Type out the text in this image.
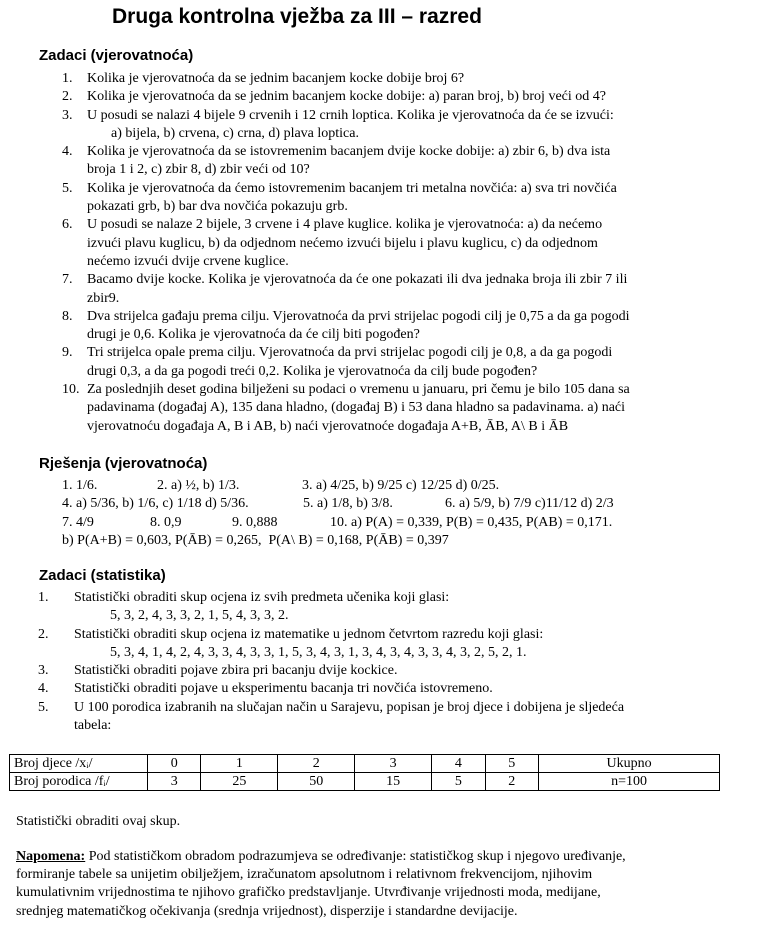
Druga kontrolna vježba za III – razred
Zadaci (vjerovatnoća)
1.	Kolika je vjerovatnoća da se jednim bacanjem kocke dobije broj 6?
2.	Kolika je vjerovatnoća da se jednim bacanjem kocke dobije: a) paran broj, b) broj veći od 4?
3.	U posudi se nalazi 4 bijele 9 crvenih i 12 crnih loptica. Kolika je vjerovatnoća da će se izvući:
a) bijela, b) crvena, c) crna, d) plava loptica.
4.	Kolika je vjerovatnoća da se istovremenim bacanjem dvije kocke dobije: a) zbir 6, b) dva ista
broja 1 i 2, c) zbir 8, d) zbir veći od 10?
5.	Kolika je vjerovatnoća da ćemo istovremenim bacanjem tri metalna novčića: a) sva tri novčića
pokazati grb, b) bar dva novčića pokazuju grb.
6.	U posudi se nalaze 2 bijele, 3 crvene i 4 plave kuglice. kolika je vjerovatnoća: a) da nećemo
izvući plavu kuglicu, b) da odjednom nećemo izvući bijelu i plavu kuglicu, c) da odjednom
nećemo izvući dvije crvene kuglice.
7.	Bacamo dvije kocke. Kolika je vjerovatnoća da će one pokazati ili dva jednaka broja ili zbir 7 ili
zbir9.
8.	Dva strijelca gađaju prema cilju. Vjerovatnoća da prvi strijelac pogodi cilj je 0,75 a da ga pogodi
drugi je 0,6. Kolika je vjerovatnoća da će cilj biti pogođen?
9.	Tri strijelca opale prema cilju. Vjerovatnoća da prvi strijelac pogodi cilj je 0,8, a da ga pogodi
drugi 0,3, a da ga pogodi treći 0,2. Kolika je vjerovatnoća da cilj bude pogođen?
10. Za poslednjih deset godina bilježeni su podaci o vremenu u januaru, pri čemu je bilo 105 dana sa
padavinama (događaj A), 135 dana hladno, (događaj B) i 53 dana hladno sa padavinama. a) naći
vjerovatnoću događaja A, B i AB, b) naći vjerovatnoće događaja A+B, ĀB, A\ B i ĀB
Rješenja (vjerovatnoća)
1. 1/6.	2. a) ½, b) 1/3.	3. a) 4/25, b) 9/25 c) 12/25 d) 0/25.
4. a) 5/36, b) 1/6, c) 1/18 d) 5/36.	5. a) 1/8, b) 3/8.	6. a) 5/9, b) 7/9 c)11/12 d) 2/3
7. 4/9	8. 0,9	9. 0,888	10. a) P(A) = 0,339, P(B) = 0,435, P(AB) = 0,171.
b) P(A+B) = 0,603, P(ĀB) = 0,265,  P(A\ B) = 0,168, P(ĀB) = 0,397
Zadaci (statistika)
1.	Statistički obraditi skup ocjena iz svih predmeta učenika koji glasi:
5, 3, 2, 4, 3, 3, 2, 1, 5, 4, 3, 3, 2.
2.	Statistički obraditi skup ocjena iz matematike u jednom četvrtom razredu koji glasi:
5, 3, 4, 1, 4, 2, 4, 3, 3, 4, 3, 3, 1, 5, 3, 4, 3, 1, 3, 4, 3, 4, 3, 3, 4, 3, 2, 5, 2, 1.
3.	Statistički obraditi pojave zbira pri bacanju dvije kockice.
4.	Statistički obraditi pojave u eksperimentu bacanja tri novčića istovremeno.
5.	U 100 porodica izabranih na slučajan način u Sarajevu, popisan je broj djece i dobijena je sljedeća
tabela:
Broj djece /xᵢ/	0	1	2	3	4	5	Ukupno
Broj porodica /fᵢ/	3	25	50	15	5	2	n=100
Statistički obraditi ovaj skup.
Napomena: Pod statističkom obradom podrazumjeva se određivanje: statističkog skup i njegovo uređivanje,
formiranje tabele sa unijetim obilježjem, izračunatom apsolutnom i relativnom frekvencijom, njihovim
kumulativnim vrijednostima te njihovo grafičko predstavljanje. Utvrđivanje vrijednosti moda, medijane,
srednjeg matematičkog očekivanja (srednja vrijednost), disperzije i standardne devijacije.
